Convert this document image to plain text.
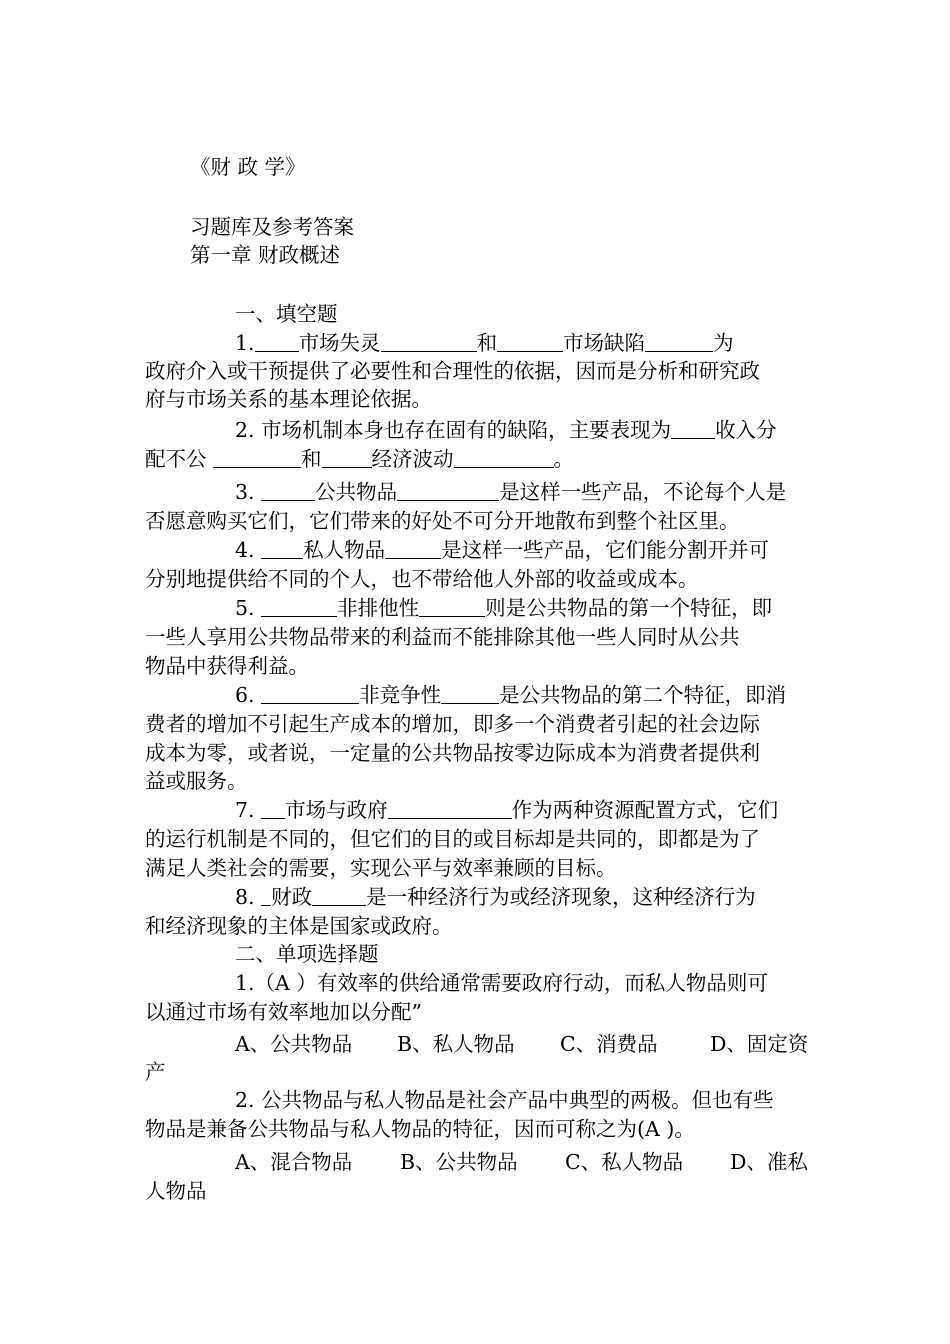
《财 政 学》
习题库及参考答案
第一章 财政概述
一、填空题
1. 市场失灵	和	市场缺陷	为
政府介入或干预提供了必要性和合理性的依据，因而是分析和研究政
府与市场关系的基本理论依据。
2. 市场机制本身也存在固有的缺陷，主要表现为 收入分
配不公	和 经济波动	。
3.	公共物品	是这样一些产品，不论每个人是
否愿意购买它们，它们带来的好处不可分开地散布到整个社区里。
4. 私人物品	是这样一些产品，它们能分割开并可
分别地提供给不同的个人，也不带给他人外部的收益或成本。
5.	非排他性	则是公共物品的第一个特征，即
一些人享用公共物品带来的利益而不能排除其他一些人同时从公共
物品中获得利益。
6.	非竞争性	是公共物品的第二个特征，即消
费者的增加不引起生产成本的增加，即多一个消费者引起的社会边际
成本为零，或者说，一定量的公共物品按零边际成本为消费者提供利
益或服务。
7. 市场与政府	作为两种资源配置方式，它们
的运行机制是不同的，但它们的目的或目标却是共同的，即都是为了
满足人类社会的需要，实现公平与效率兼顾的目标。
8. 财政	是一种经济行为或经济现象，这种经济行为
和经济现象的主体是国家或政府。
二、单项选择题
1.（A ）有效率的供给通常需要政府行动，而私人物品则可
以通过市场有效率地加以分配”
A、公共物品 B、私人物品 C、消费品	D、固定资
产
2. 公共物品与私人物品是社会产品中典型的两极。但也有些
物品是兼备公共物品与私人物品的特征，因而可称之为(A )。
A、混合物品 B、公共物品 C、私人物品 D、准私
人物品
